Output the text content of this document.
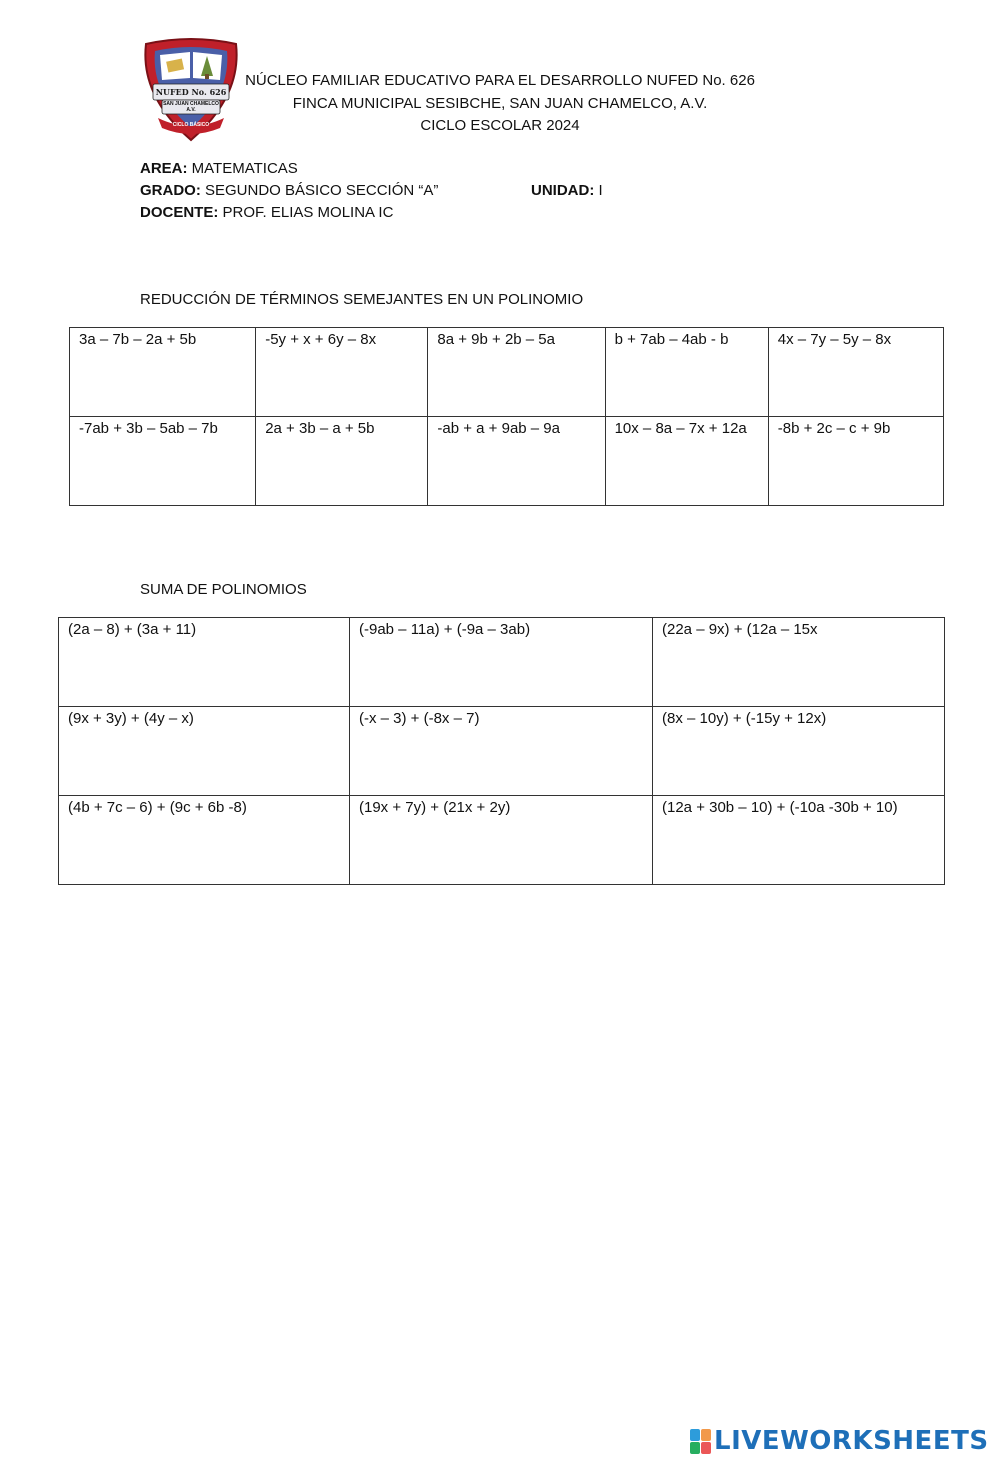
NUFED No. 626
SAN JUAN CHAMELCO A.V.
CICLO BÁSICO
NÚCLEO FAMILIAR EDUCATIVO PARA EL DESARROLLO NUFED No. 626
FINCA MUNICIPAL SESIBCHE, SAN JUAN CHAMELCO, A.V.
CICLO ESCOLAR 2024
AREA: MATEMATICAS
GRADO: SEGUNDO BÁSICO SECCIÓN “A”	UNIDAD: I
DOCENTE: PROF. ELIAS MOLINA IC
REDUCCIÓN DE TÉRMINOS SEMEJANTES EN UN POLINOMIO
3a – 7b – 2a + 5b	-5y + x + 6y – 8x	8a + 9b + 2b – 5a	b + 7ab – 4ab - b	4x – 7y – 5y – 8x
-7ab + 3b – 5ab – 7b	2a + 3b – a + 5b	-ab + a + 9ab – 9a	10x – 8a – 7x + 12a	-8b + 2c – c + 9b
SUMA DE POLINOMIOS
(2a – 8) + (3a + 11)	(-9ab – 11a) + (-9a – 3ab)	(22a – 9x) + (12a – 15x
(9x + 3y) + (4y – x)	(-x – 3) + (-8x – 7)	(8x – 10y) + (-15y + 12x)
(4b + 7c – 6) + (9c + 6b -8)	(19x + 7y) + (21x + 2y)	(12a + 30b – 10) + (-10a -30b + 10)
LIVEWORKSHEETS
